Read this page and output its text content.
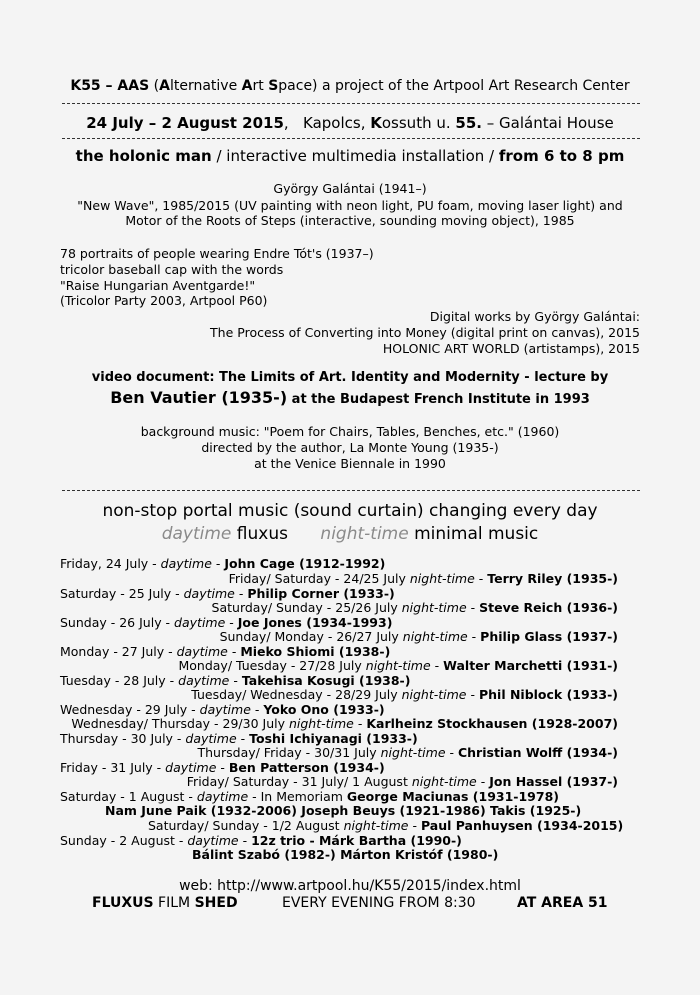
K55 – AAS (Alternative Art Space) a project of the Artpool Art Research Center
24 July – 2 August 2015, Kapolcs, Kossuth u. 55. – Galántai House
the holonic man / interactive multimedia installation / from 6 to 8 pm
György Galántai (1941–)
"New Wave", 1985/2015 (UV painting with neon light, PU foam, moving laser light) and
Motor of the Roots of Steps (interactive, sounding moving object), 1985
78 portraits of people wearing Endre Tót's (1937–)
tricolor baseball cap with the words
"Raise Hungarian Aventgarde!"
(Tricolor Party 2003, Artpool P60)
Digital works by György Galántai:
The Process of Converting into Money (digital print on canvas), 2015
HOLONIC ART WORLD (artistamps), 2015
video document: The Limits of Art. Identity and Modernity - lecture by
Ben Vautier (1935-) at the Budapest French Institute in 1993
background music: "Poem for Chairs, Tables, Benches, etc." (1960)
directed by the author, La Monte Young (1935-)
at the Venice Biennale in 1990
non-stop portal music (sound curtain) changing every day
daytime fluxus night-time minimal music
Friday, 24 July - daytime - John Cage (1912-1992)
Friday/ Saturday - 24/25 July night-time - Terry Riley (1935-)
Saturday - 25 July - daytime - Philip Corner (1933-)
Saturday/ Sunday - 25/26 July night-time - Steve Reich (1936-)
Sunday - 26 July - daytime - Joe Jones (1934-1993)
Sunday/ Monday - 26/27 July night-time - Philip Glass (1937-)
Monday - 27 July - daytime - Mieko Shiomi (1938-)
Monday/ Tuesday - 27/28 July night-time - Walter Marchetti (1931-)
Tuesday - 28 July - daytime - Takehisa Kosugi (1938-)
Tuesday/ Wednesday - 28/29 July night-time - Phil Niblock (1933-)
Wednesday - 29 July - daytime - Yoko Ono (1933-)
Wednesday/ Thursday - 29/30 July night-time - Karlheinz Stockhausen (1928-2007)
Thursday - 30 July - daytime - Toshi Ichiyanagi (1933-)
Thursday/ Friday - 30/31 July night-time - Christian Wolff (1934-)
Friday - 31 July - daytime - Ben Patterson (1934-)
Friday/ Saturday - 31 July/ 1 August night-time - Jon Hassel (1937-)
Saturday - 1 August - daytime - In Memoriam George Maciunas (1931-1978)
Nam June Paik (1932-2006) Joseph Beuys (1921-1986) Takis (1925-)
Saturday/ Sunday - 1/2 August night-time - Paul Panhuysen (1934-2015)
Sunday - 2 August - daytime - 12z trio - Márk Bartha (1990-)
Bálint Szabó (1982-) Márton Kristóf (1980-)
web: http://www.artpool.hu/K55/2015/index.html
FLUXUS FILM SHED	EVERY EVENING FROM 8:30	AT AREA 51
